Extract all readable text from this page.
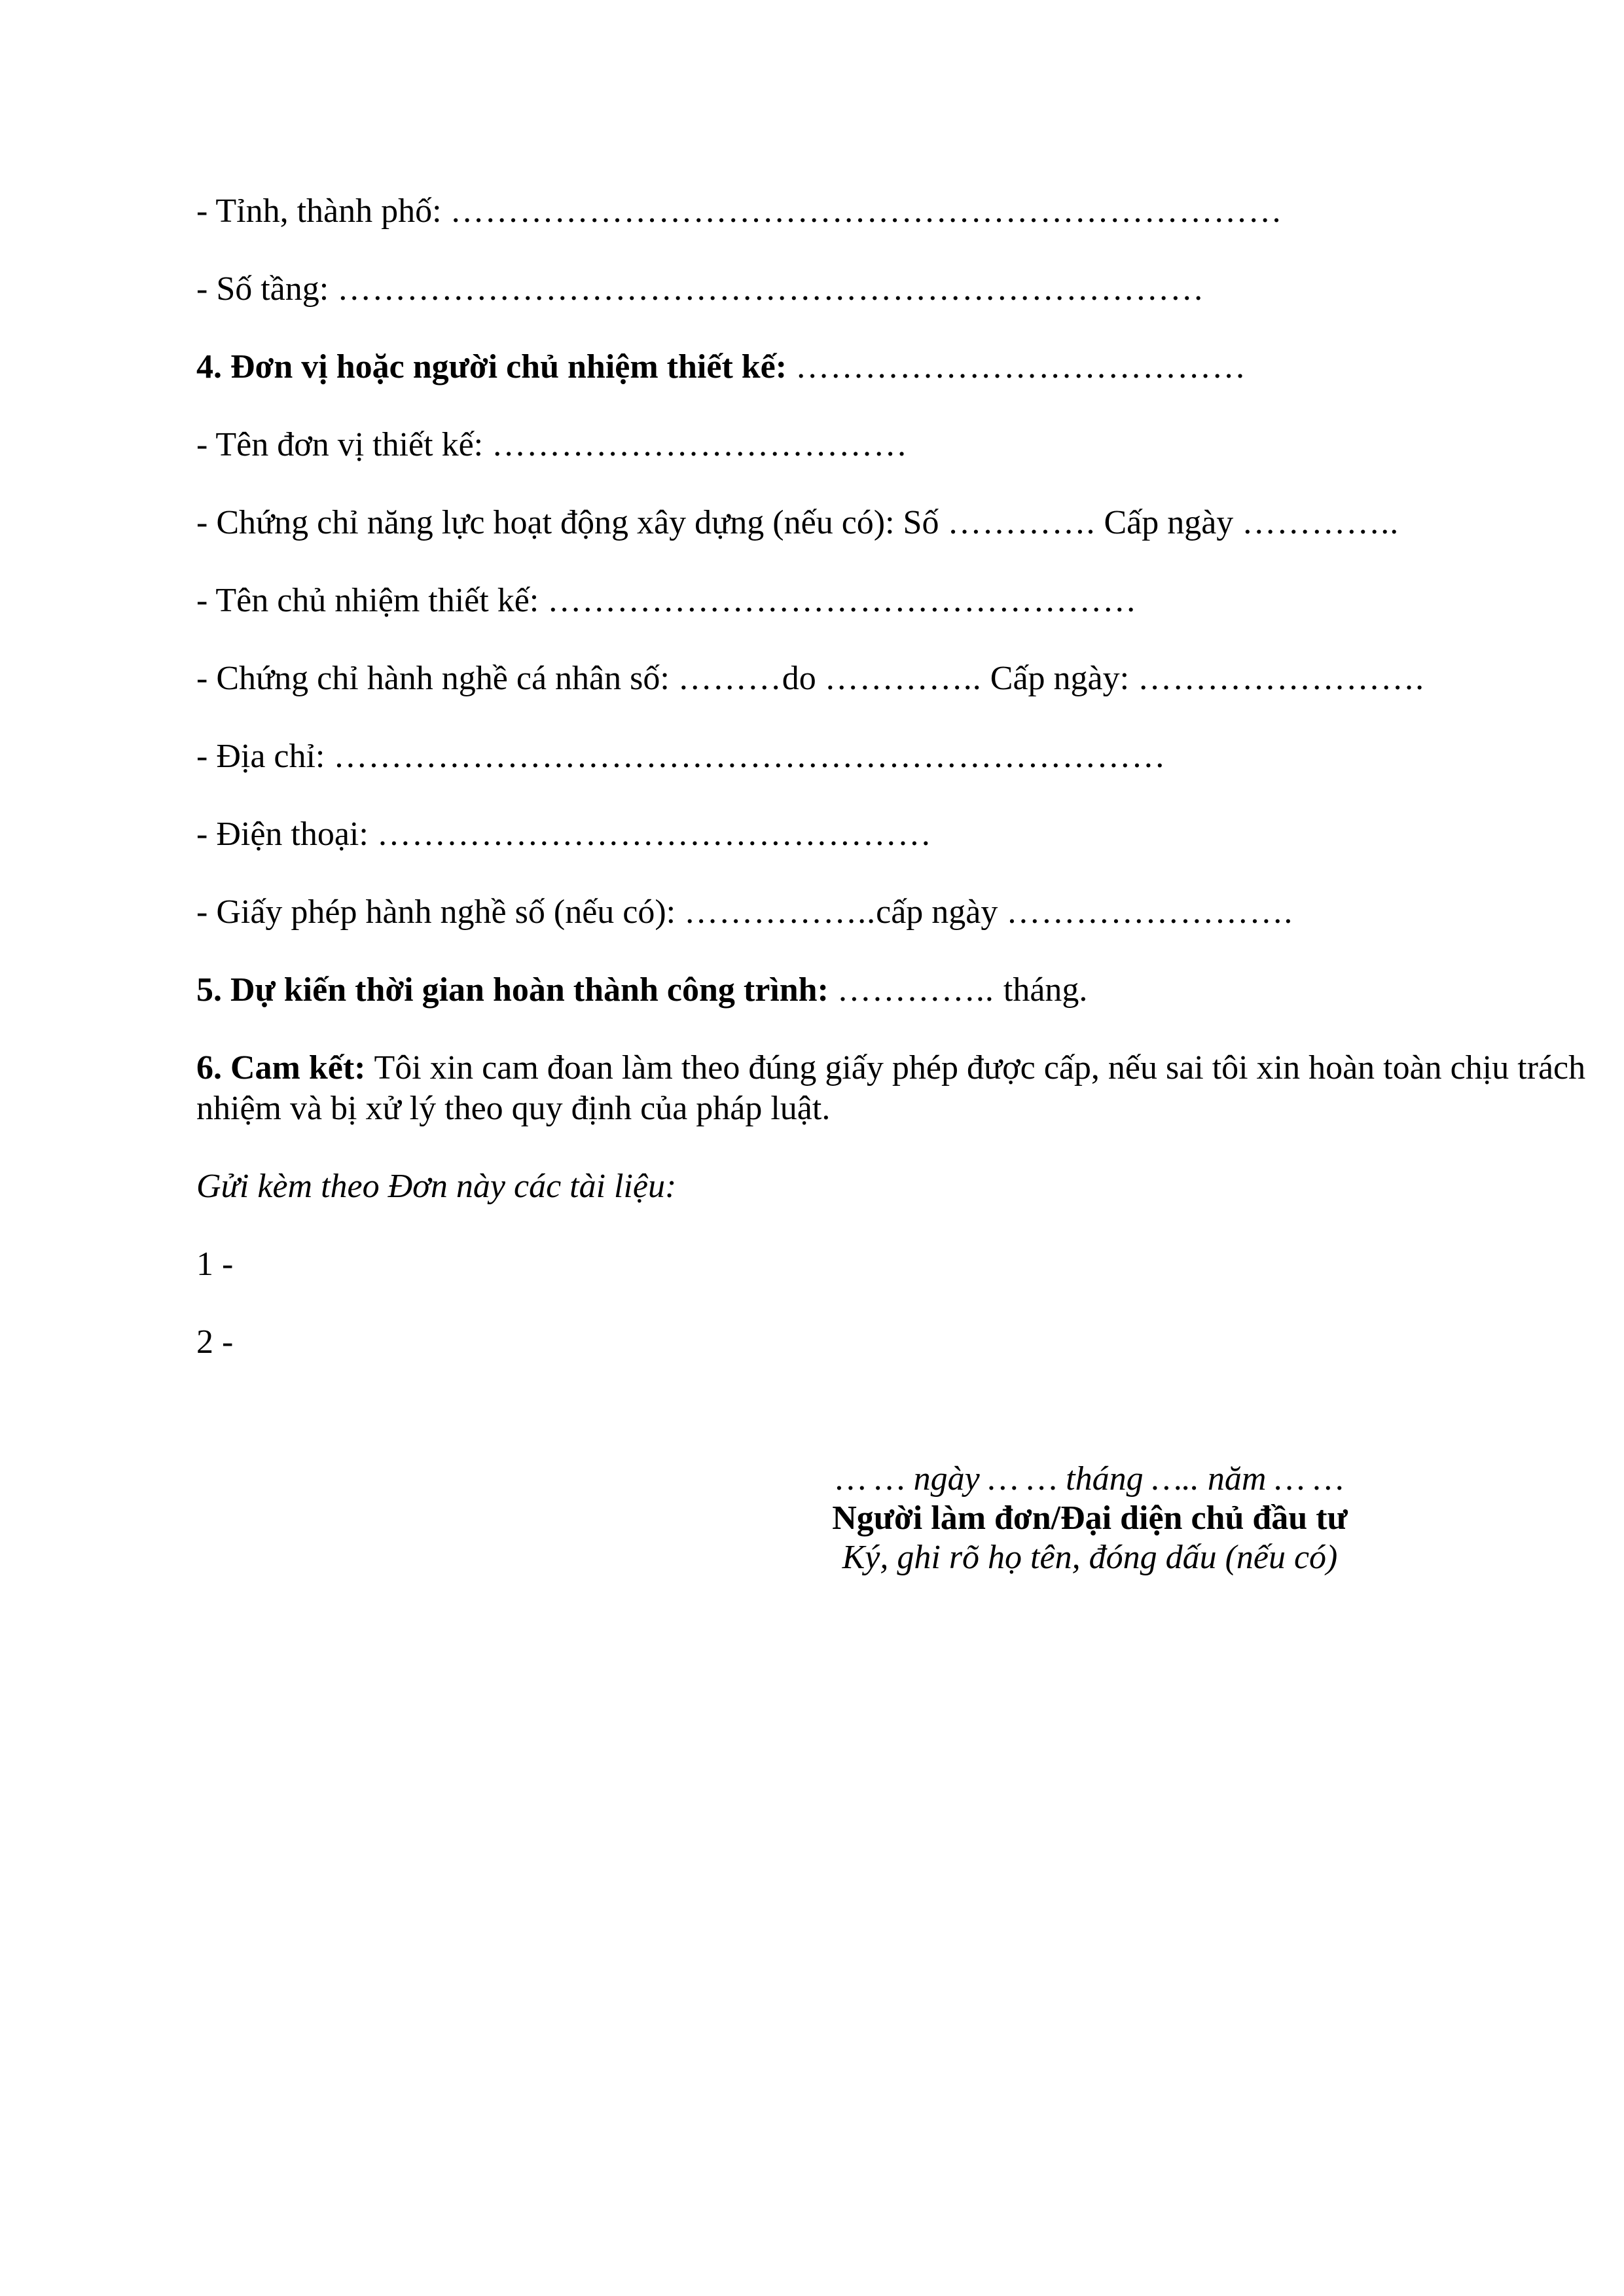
- Tỉnh, thành phố: ………………………………………………………………
- Số tầng: …………………………………………………………………
4. Đơn vị hoặc người chủ nhiệm thiết kế: …………………………………
- Tên đơn vị thiết kế: ………………………………
- Chứng chỉ năng lực hoạt động xây dựng (nếu có): Số …………. Cấp ngày …………..
- Tên chủ nhiệm thiết kế: ……………………………………………
- Chứng chỉ hành nghề cá nhân số: ………do ………….. Cấp ngày: …………………….
- Địa chỉ: ………………………………………………………………
- Điện thoại: …………………………………………
- Giấy phép hành nghề số (nếu có): ……………..cấp ngày …………………….
5. Dự kiến thời gian hoàn thành công trình: ………….. tháng.
6. Cam kết: Tôi xin cam đoan làm theo đúng giấy phép được cấp, nếu sai tôi xin hoàn toàn chịu trách
nhiệm và bị xử lý theo quy định của pháp luật.
Gửi kèm theo Đơn này các tài liệu:
1 -
2 -
… … ngày … … tháng ….. năm … …
Người làm đơn/Đại diện chủ đầu tư
Ký, ghi rõ họ tên, đóng dấu (nếu có)
